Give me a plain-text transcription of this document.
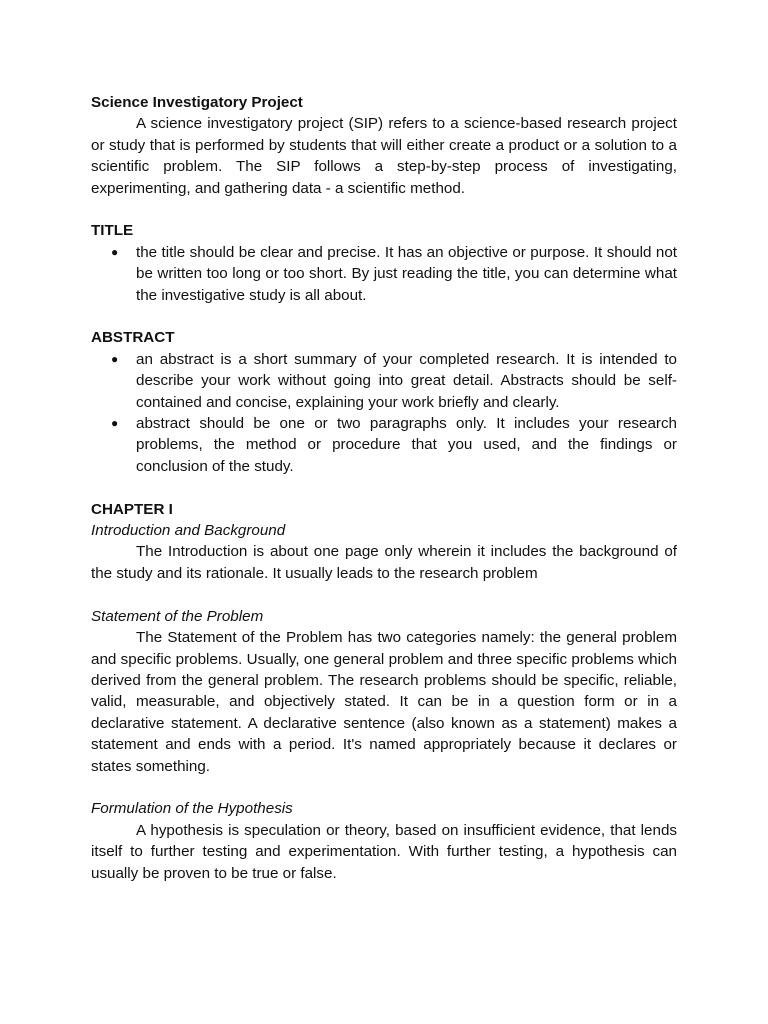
Science Investigatory Project

A science investigatory project (SIP) refers to a science-based research project or study that is performed by students that will either create a product or a solution to a scientific problem. The SIP follows a step-by-step process of investigating, experimenting, and gathering data - a scientific method.

TITLE

● the title should be clear and precise. It has an objective or purpose. It should not be written too long or too short. By just reading the title, you can determine what the investigative study is all about.

ABSTRACT

● an abstract is a short summary of your completed research. It is intended to describe your work without going into great detail. Abstracts should be self-contained and concise, explaining your work briefly and clearly.
● abstract should be one or two paragraphs only. It includes your research problems, the method or procedure that you used, and the findings or conclusion of the study.

CHAPTER I

Introduction and Background

The Introduction is about one page only wherein it includes the background of the study and its rationale. It usually leads to the research problem

Statement of the Problem

The Statement of the Problem has two categories namely: the general problem and specific problems. Usually, one general problem and three specific problems which derived from the general problem. The research problems should be specific, reliable, valid, measurable, and objectively stated. It can be in a question form or in a declarative statement. A declarative sentence (also known as a statement) makes a statement and ends with a period. It's named appropriately because it declares or states something.

Formulation of the Hypothesis

A hypothesis is speculation or theory, based on insufficient evidence, that lends itself to further testing and experimentation. With further testing, a hypothesis can usually be proven to be true or false.
